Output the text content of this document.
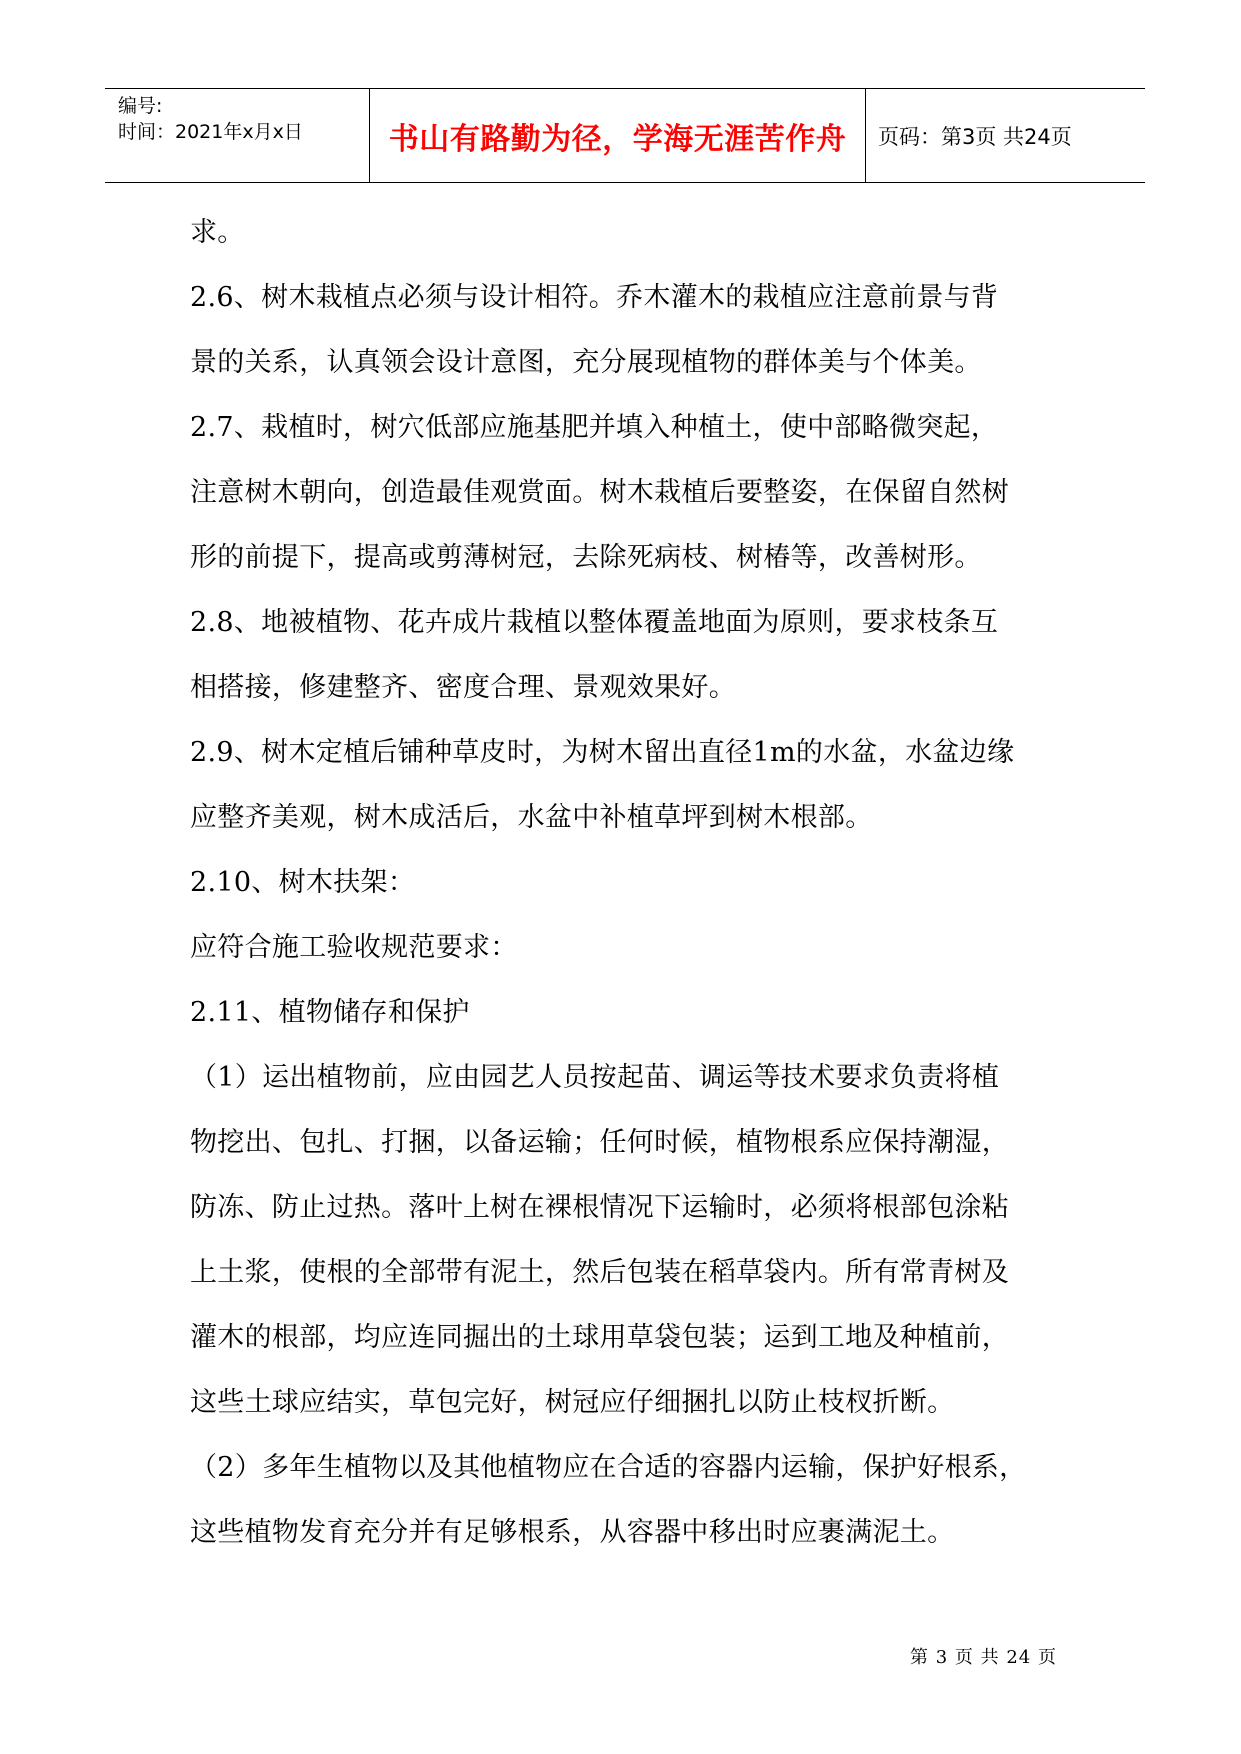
编号:
时间：2021年x月x日	书山有路勤为径，学海无涯苦作舟	页码：第3页 共24页
求。
2.6、树木栽植点必须与设计相符。乔木灌木的栽植应注意前景与背
景的关系，认真领会设计意图，充分展现植物的群体美与个体美。
2.7、栽植时，树穴低部应施基肥并填入种植土，使中部略微突起，
注意树木朝向，创造最佳观赏面。树木栽植后要整姿，在保留自然树
形的前提下，提高或剪薄树冠，去除死病枝、树椿等，改善树形。
2.8、地被植物、花卉成片栽植以整体覆盖地面为原则，要求枝条互
相搭接，修建整齐、密度合理、景观效果好。
2.9、树木定植后铺种草皮时，为树木留出直径1m的水盆，水盆边缘
应整齐美观，树木成活后，水盆中补植草坪到树木根部。
2.10、树木扶架：
应符合施工验收规范要求：
2.11、植物储存和保护
（1）运出植物前，应由园艺人员按起苗、调运等技术要求负责将植
物挖出、包扎、打捆，以备运输；任何时候，植物根系应保持潮湿，
防冻、防止过热。落叶上树在裸根情况下运输时，必须将根部包涂粘
上土浆，使根的全部带有泥土，然后包装在稻草袋内。所有常青树及
灌木的根部，均应连同掘出的土球用草袋包装；运到工地及种植前，
这些土球应结实，草包完好，树冠应仔细捆扎以防止枝杈折断。
（2）多年生植物以及其他植物应在合适的容器内运输，保护好根系，
这些植物发育充分并有足够根系，从容器中移出时应裹满泥土。
第 3 页 共 24 页
